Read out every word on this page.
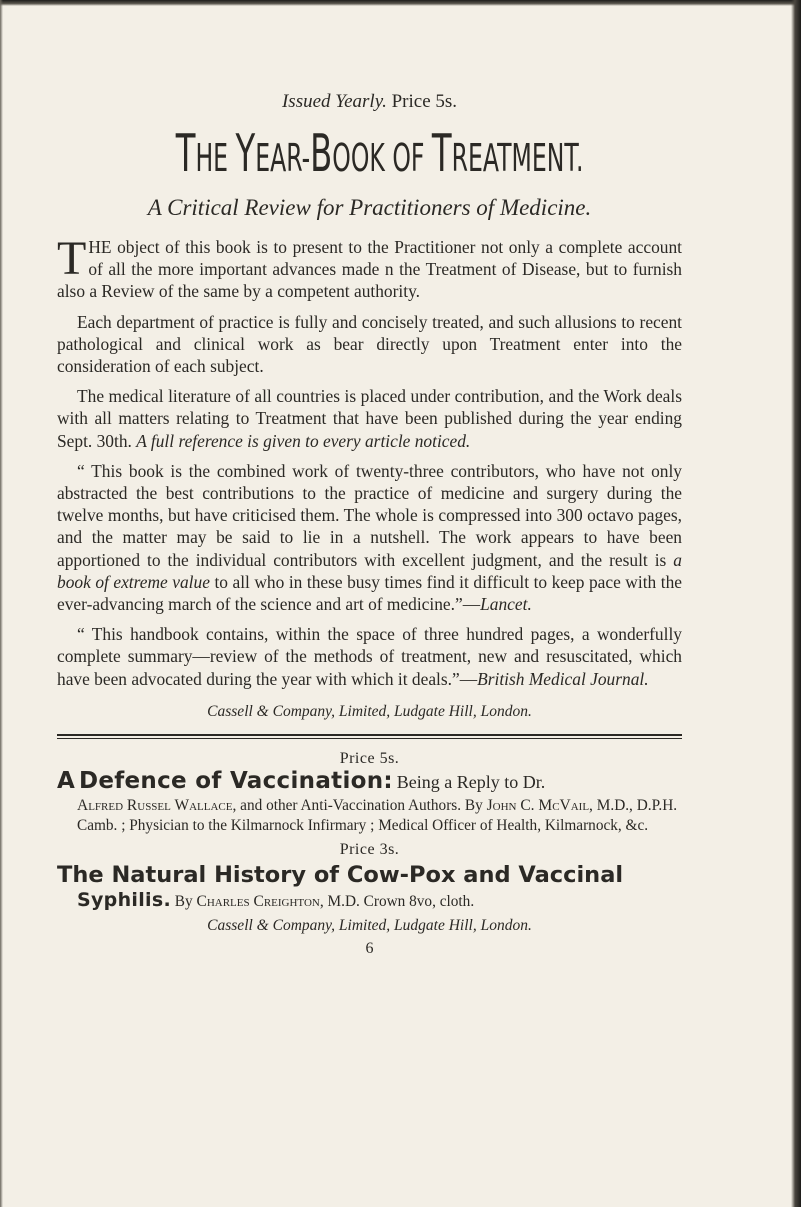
Issued Yearly. Price 5s.

THE YEAR-BOOK OF TREATMENT.

A Critical Review for Practitioners of Medicine.

THE object of this book is to present to the Practitioner not only a complete account of all the more important advances made n the Treatment of Disease, but to furnish also a Review of the same by a competent authority.

Each department of practice is fully and concisely treated, and such allusions to recent pathological and clinical work as bear directly upon Treatment enter into the consideration of each subject.

The medical literature of all countries is placed under contribution, and the Work deals with all matters relating to Treatment that have been published during the year ending Sept. 30th. A full reference is given to every article noticed.

“ This book is the combined work of twenty-three contributors, who have not only abstracted the best contributions to the practice of medicine and surgery during the twelve months, but have criticised them. The whole is compressed into 300 octavo pages, and the matter may be said to lie in a nutshell. The work appears to have been apportioned to the individual contributors with excellent judgment, and the result is a book of extreme value to all who in these busy times find it difficult to keep pace with the ever-advancing march of the science and art of medicine.”—Lancet.

“ This handbook contains, within the space of three hundred pages, a wonderfully complete summary—review of the methods of treatment, new and resuscitated, which have been advocated during the year with which it deals.”—British Medical Journal.

Cassell & Company, Limited, Ludgate Hill, London.

Price 5s.

A Defence of Vaccination: Being a Reply to Dr.

Alfred Russel Wallace, and other Anti-Vaccination Authors. By John C. McVail, M.D., D.P.H. Camb. ; Physician to the Kilmarnock Infirmary ; Medical Officer of Health, Kilmarnock, &c.

Price 3s.

The Natural History of Cow-Pox and Vaccinal

Syphilis. By Charles Creighton, M.D. Crown 8vo, cloth.

Cassell & Company, Limited, Ludgate Hill, London.

6
